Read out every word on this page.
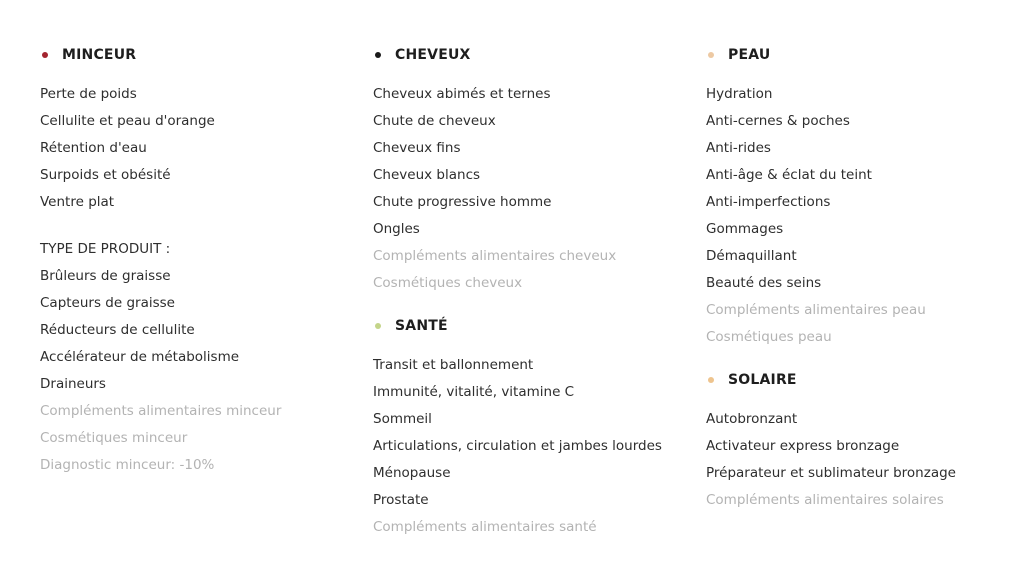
MINCEUR
Perte de poids
Cellulite et peau d'orange
Rétention d'eau
Surpoids et obésité
Ventre plat
TYPE DE PRODUIT :
Brûleurs de graisse
Capteurs de graisse
Réducteurs de cellulite
Accélérateur de métabolisme
Draineurs
Compléments alimentaires minceur
Cosmétiques minceur
Diagnostic minceur: -10%
CHEVEUX
Cheveux abimés et ternes
Chute de cheveux
Cheveux fins
Cheveux blancs
Chute progressive homme
Ongles
Compléments alimentaires cheveux
Cosmétiques cheveux
SANTÉ
Transit et ballonnement
Immunité, vitalité, vitamine C
Sommeil
Articulations, circulation et jambes lourdes
Ménopause
Prostate
Compléments alimentaires santé
PEAU
Hydration
Anti-cernes & poches
Anti-rides
Anti-âge & éclat du teint
Anti-imperfections
Gommages
Démaquillant
Beauté des seins
Compléments alimentaires peau
Cosmétiques peau
SOLAIRE
Autobronzant
Activateur express bronzage
Préparateur et sublimateur bronzage
Compléments alimentaires solaires
